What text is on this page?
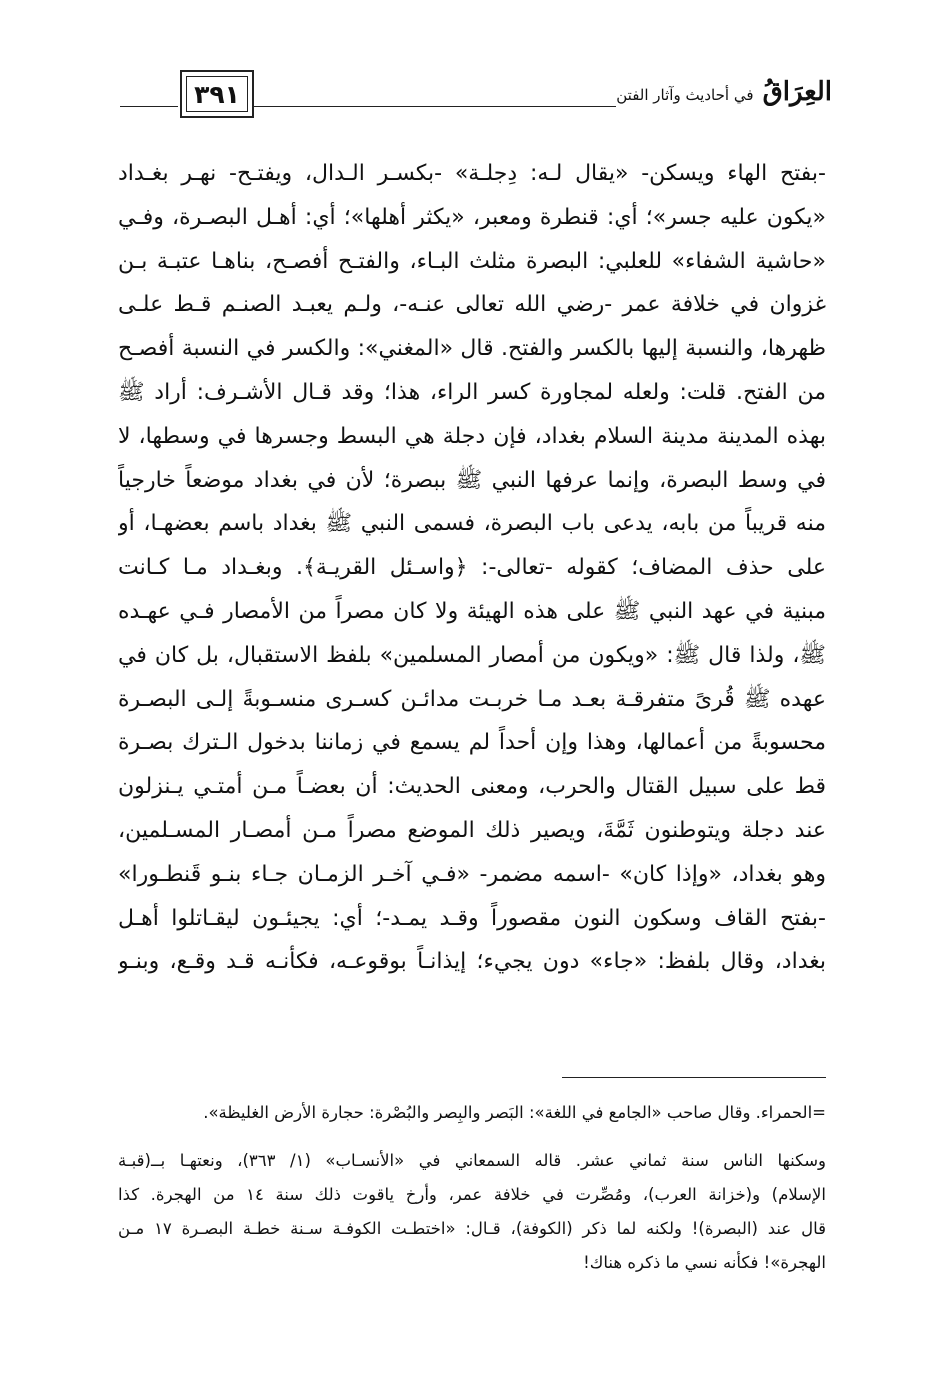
٣٩١	العِرَاقُ في أحاديث وآثار الفتن
-بفتح الهاء ويسكن- «يقال لـه: دِجلـة» -بكسـر الـدال، ويفتـح- نهـر بغـداد
«يكون عليه جسر»؛ أي: قنطرة ومعبر، «يكثر أهلها»؛ أي: أهـل البصـرة، وفـي
«حاشية الشفاء» للعلبي: البصرة مثلث البـاء، والفتـح أفصـح، بناهـا عتبـة بـن
غزوان في خلافة عمر -رضي الله تعالى عنـه-، ولـم يعبـد الصنـم قـط علـى
ظهرها، والنسبة إليها بالكسر والفتح. قال «المغني»: والكسر في النسبة أفصـح
من الفتح. قلت: ولعله لمجاورة كسر الراء، هذا؛ وقد قـال الأشـرف: أراد ﷺ
بهذه المدينة مدينة السلام بغداد، فإن دجلة هي البسط وجسرها في وسطها، لا
في وسط البصرة، وإنما عرفها النبي ﷺ ببصرة؛ لأن في بغداد موضعاً خارجياً
منه قريباً من بابه، يدعى باب البصرة، فسمى النبي ﷺ بغداد باسم بعضهـا، أو
على حذف المضاف؛ كقوله -تعالى-: ﴿واسـئل القريـة﴾. وبغـداد مـا كـانت
مبنية في عهد النبي ﷺ على هذه الهيئة ولا كان مصراً من الأمصار فـي عهـده
ﷺ، ولذا قال ﷺ: «ويكون من أمصار المسلمين» بلفظ الاستقبال، بل كان في
عهده ﷺ قُرىً متفرقـة بعـد مـا خربـت مدائـن كسـرى منسـوبةً إلـى البصـرة
محسوبةً من أعمالها، وهذا وإن أحداً لم يسمع في زماننا بدخول الـترك بصـرة
قط على سبيل القتال والحرب، ومعنى الحديث: أن بعضـاً مـن أمتـي يـنزلون
عند دجلة ويتوطنون ثَمَّةَ، ويصير ذلك الموضع مصراً مـن أمصـار المسـلمين،
وهو بغداد، «وإذا كان» -اسمه مضمر- «فـي آخـر الزمـان جـاء بنـو قَنطـورا»
-بفتح القاف وسكون النون مقصوراً وقـد يمـد-؛ أي: يجيئـون ليقـاتلوا أهـل
بغداد، وقال بلفظ: «جاء» دون يجيء؛ إيذانـاً بوقوعـه، فكأنـه قـد وقـع، وبنـو
=الحمراء. وقال صاحب «الجامع في اللغة»: البَصر والبِصر والبُصْرة: حجارة الأرض الغليظة».
وسكنها الناس سنة ثماني عشر. قاله السمعاني في «الأنسـاب» (١/ ٣٦٣)، ونعتهـا بــ(قبـة
الإسلام) و(خزانة العرب)، ومُصِّرت في خلافة عمر، وأرخ ياقوت ذلك سنة ١٤ من الهجرة. كذا
قال عند (البصرة)! ولكنه لما ذكر (الكوفة)، قـال: «اختطـت الكوفـة سـنة خطـة البصـرة ١٧ مـن
الهجرة»! فكأنه نسي ما ذكره هناك!
